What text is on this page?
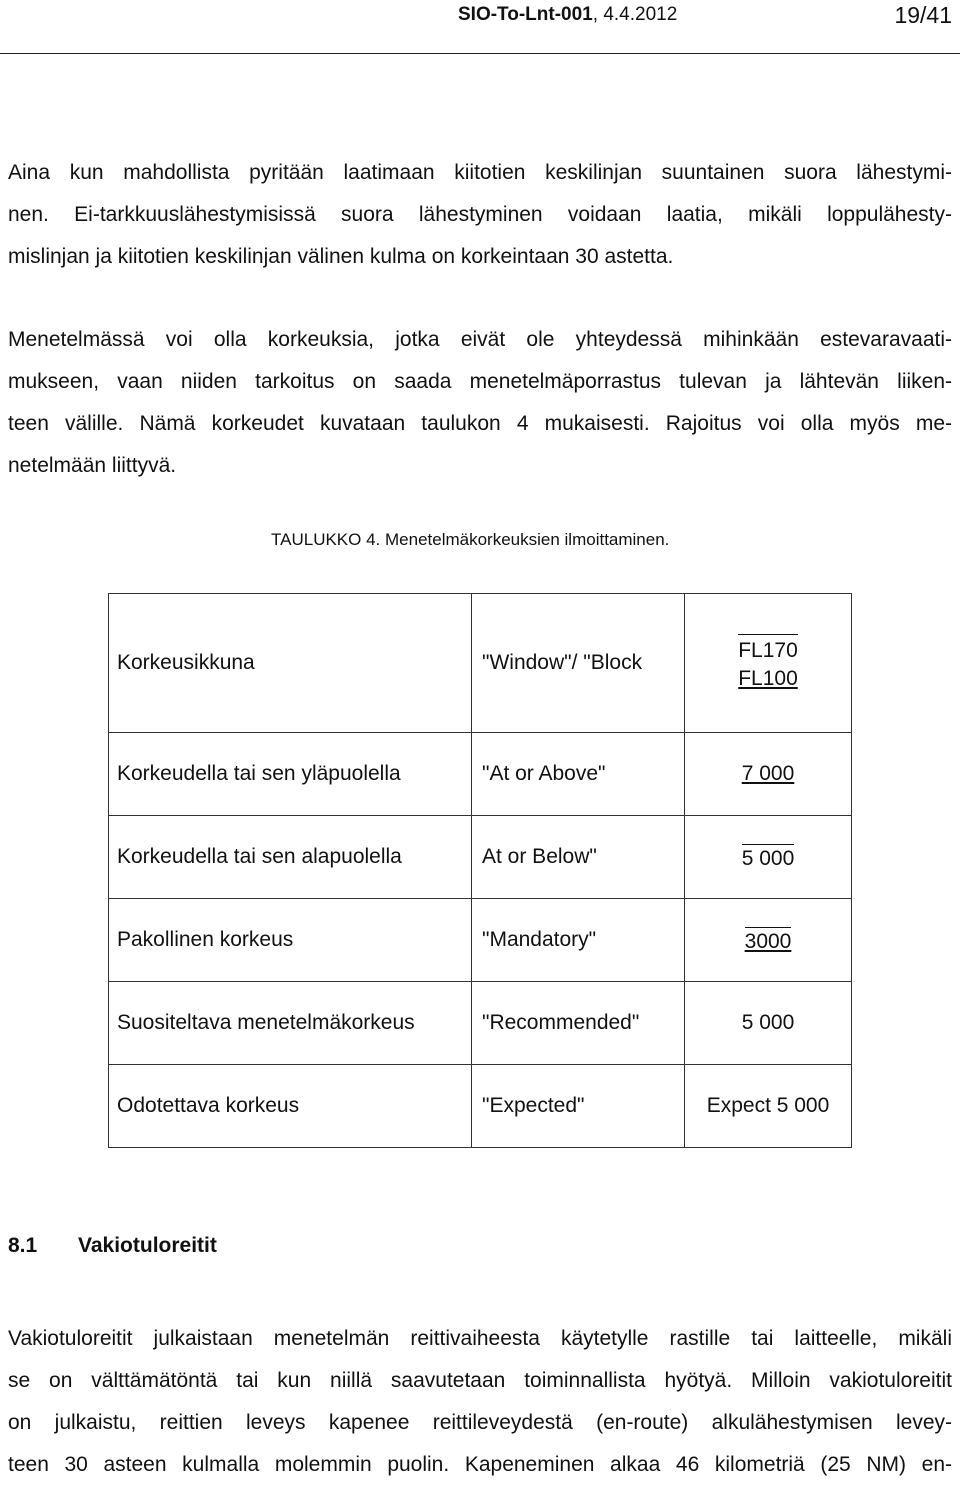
SIO-To-Lnt-001, 4.4.2012	19/41

Aina kun mahdollista pyritään laatimaan kiitotien keskilinjan suuntainen suora lähestymi-
nen. Ei-tarkkuuslähestymisissä suora lähestyminen voidaan laatia, mikäli loppulähesty-
mislinjan ja kiitotien keskilinjan välinen kulma on korkeintaan 30 astetta.

Menetelmässä voi olla korkeuksia, jotka eivät ole yhteydessä mihinkään estevaravaati-
mukseen, vaan niiden tarkoitus on saada menetelmäporrastus tulevan ja lähtevän liiken-
teen välille. Nämä korkeudet kuvataan taulukon 4 mukaisesti. Rajoitus voi olla myös me-
netelmään liittyvä.

TAULUKKO 4. Menetelmäkorkeuksien ilmoittaminen.
Korkeusikkuna	"Window"/ "Block	FL170
FL100
Korkeudella tai sen yläpuolella	"At or Above"	7 000
Korkeudella tai sen alapuolella	At or Below"	5 000
Pakollinen korkeus	"Mandatory"	3000
Suositeltava menetelmäkorkeus	"Recommended"	5 000
Odotettava korkeus	"Expected"	Expect 5 000
8.1 Vakiotuloreitit

Vakiotuloreitit julkaistaan menetelmän reittivaiheesta käytetylle rastille tai laitteelle, mikäli
se on välttämätöntä tai kun niillä saavutetaan toiminnallista hyötyä. Milloin vakiotuloreitit
on julkaistu, reittien leveys kapenee reittileveydestä (en-route) alkulähestymisen levey-
teen 30 asteen kulmalla molemmin puolin. Kapeneminen alkaa 46 kilometriä (25 NM) en-
